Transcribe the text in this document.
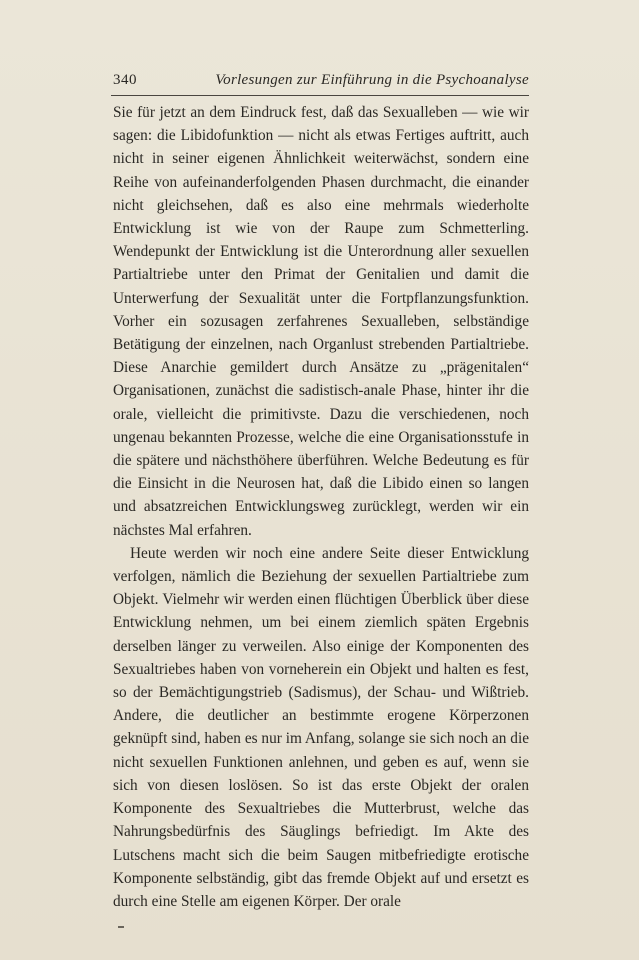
340	Vorlesungen zur Einführung in die Psychoanalyse

Sie für jetzt an dem Eindruck fest, daß das Sexualleben — wie wir sagen: die Libidofunktion — nicht als etwas Fertiges auftritt, auch nicht in seiner eigenen Ähnlichkeit weiterwächst, sondern eine Reihe von aufeinanderfolgenden Phasen durchmacht, die einander nicht gleichsehen, daß es also eine mehrmals wiederholte Entwicklung ist wie von der Raupe zum Schmetterling. Wendepunkt der Entwicklung ist die Unterordnung aller sexuellen Partialtriebe unter den Primat der Genitalien und damit die Unterwerfung der Sexualität unter die Fortpflanzungsfunktion. Vorher ein sozusagen zerfahrenes Sexualleben, selbständige Betätigung der einzelnen, nach Organlust strebenden Partialtriebe. Diese Anarchie gemildert durch Ansätze zu „prägenitalen“ Organisationen, zunächst die sadistisch-anale Phase, hinter ihr die orale, vielleicht die primitivste. Dazu die verschiedenen, noch ungenau bekannten Prozesse, welche die eine Organisationsstufe in die spätere und nächsthöhere überführen. Welche Bedeutung es für die Einsicht in die Neurosen hat, daß die Libido einen so langen und absatzreichen Entwicklungsweg zurücklegt, werden wir ein nächstes Mal erfahren.

Heute werden wir noch eine andere Seite dieser Entwicklung verfolgen, nämlich die Beziehung der sexuellen Partialtriebe zum Objekt. Vielmehr wir werden einen flüchtigen Überblick über diese Entwicklung nehmen, um bei einem ziemlich späten Ergebnis derselben länger zu verweilen. Also einige der Komponenten des Sexualtriebes haben von vorneherein ein Objekt und halten es fest, so der Bemächtigungstrieb (Sadismus), der Schau- und Wißtrieb. Andere, die deutlicher an bestimmte erogene Körperzonen geknüpft sind, haben es nur im Anfang, solange sie sich noch an die nicht sexuellen Funktionen anlehnen, und geben es auf, wenn sie sich von diesen loslösen. So ist das erste Objekt der oralen Komponente des Sexualtriebes die Mutterbrust, welche das Nahrungsbedürfnis des Säuglings befriedigt. Im Akte des Lutschens macht sich die beim Saugen mitbefriedigte erotische Komponente selbständig, gibt das fremde Objekt auf und ersetzt es durch eine Stelle am eigenen Körper. Der orale
